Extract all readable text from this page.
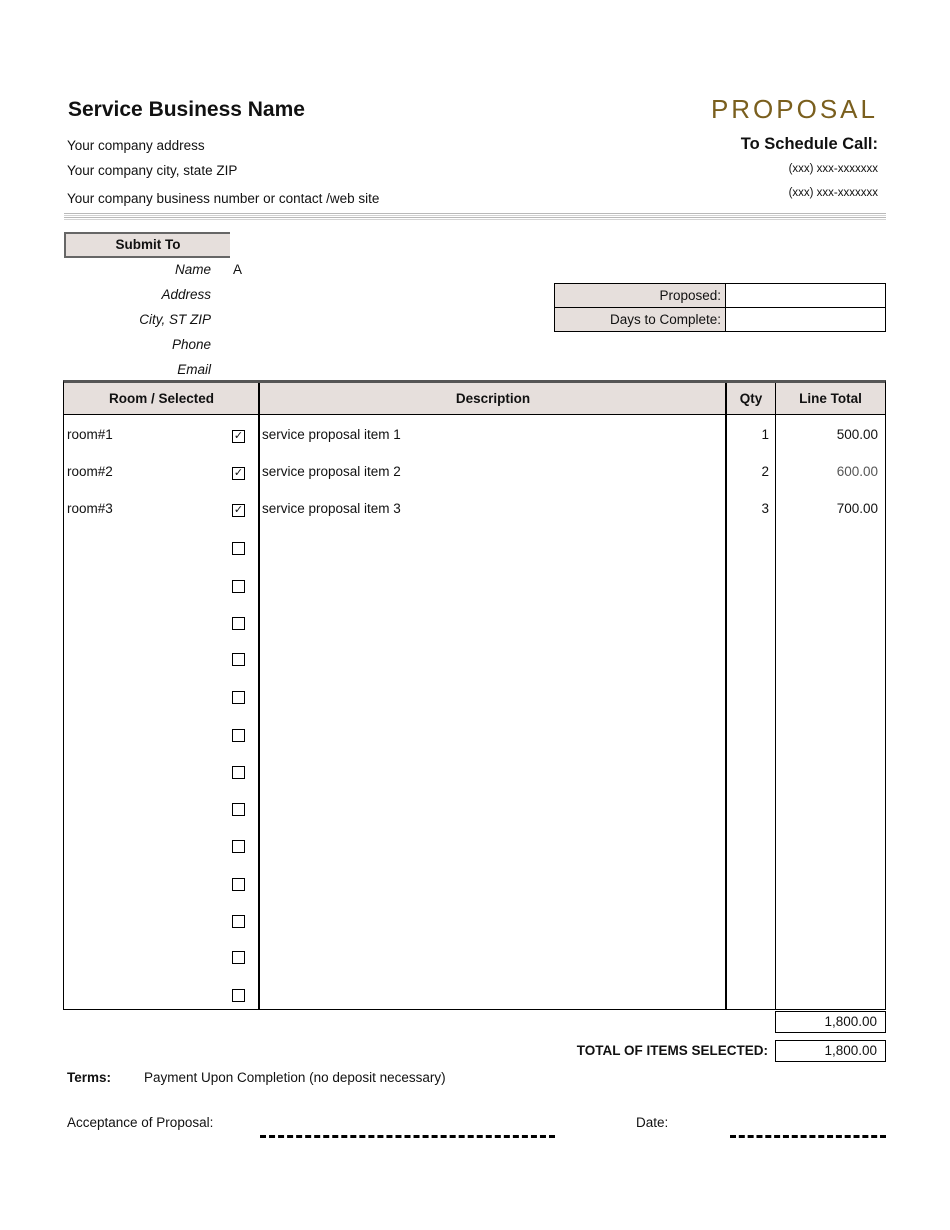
Service Business Name
Your company address
Your company city, state ZIP
Your company business number or contact /web site
PROPOSAL
To Schedule Call:
(xxx) xxx-xxxxxxx
(xxx) xxx-xxxxxxx
Submit To
Name A
Address
City, ST ZIP
Phone
Email
Proposed:
Days to Complete:
Room / Selected	Description	Qty	Line Total
room#1	✓ service proposal item 1	1	500.00
room#2	✓ service proposal item 2	2	600.00
room#3	✓ service proposal item 3	3	700.00
1,800.00
TOTAL OF ITEMS SELECTED:	1,800.00
Terms: Payment Upon Completion (no deposit necessary)
Acceptance of Proposal:	Date:
